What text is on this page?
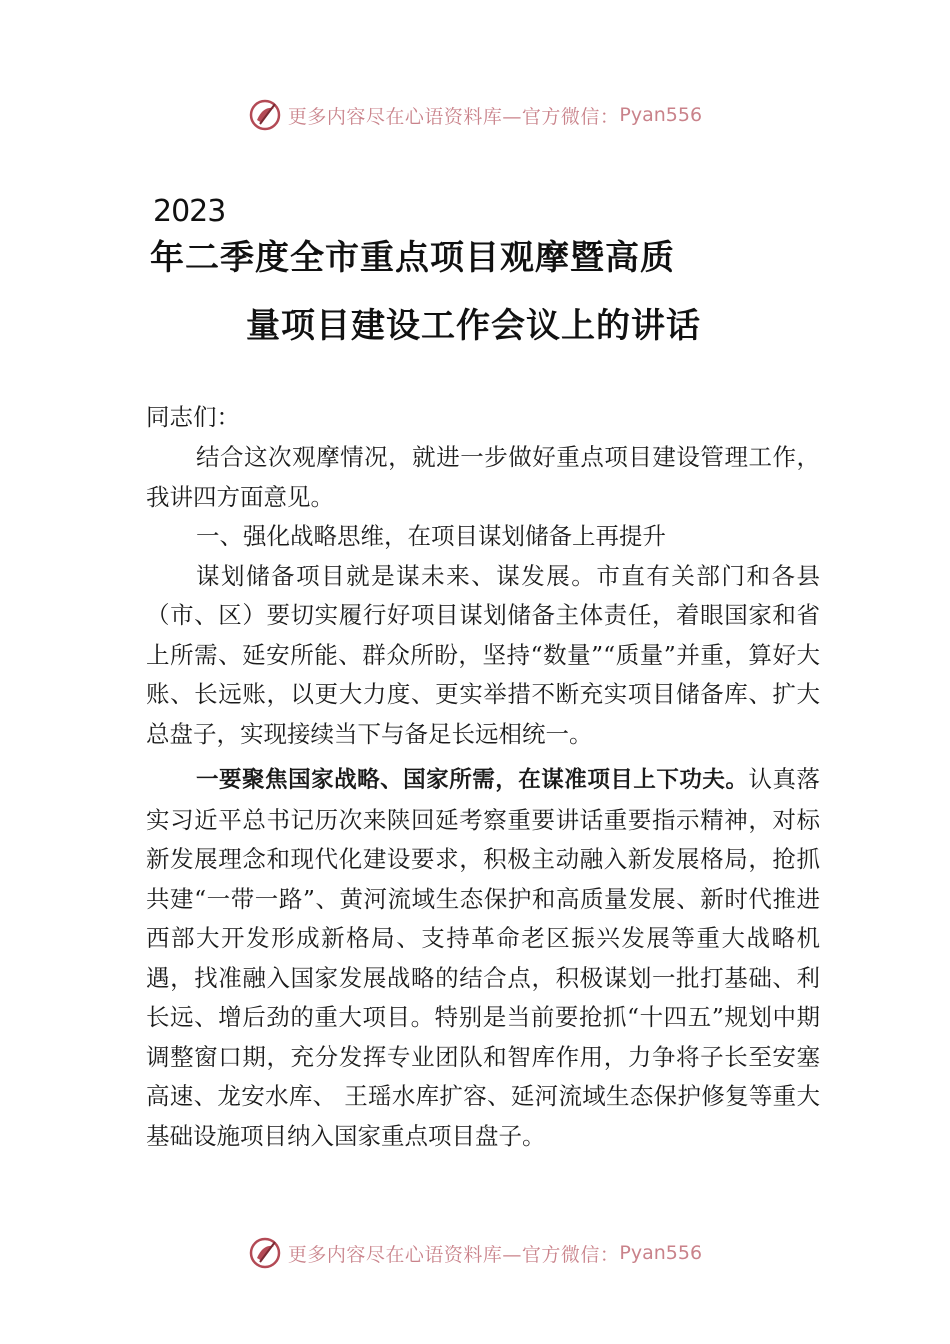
更多内容尽在心语资料库—官方微信： Pyan556
2023
年二季度全市重点项目观摩暨高质
量项目建设工作会议上的讲话
同志们：

结合这次观摩情况，就进一步做好重点项目建设管理工作，我讲四方面意见。

一、强化战略思维，在项目谋划储备上再提升

谋划储备项目就是谋未来、谋发展。市直有关部门和各县（市、区）要切实履行好项目谋划储备主体责任，着眼国家和省上所需、延安所能、群众所盼，坚持“数量”“质量”并重，算好大账、长远账，以更大力度、更实举措不断充实项目储备库、扩大总盘子，实现接续当下与备足长远相统一。

一要聚焦国家战略、国家所需，在谋准项目上下功夫。认真落实习近平总书记历次来陕回延考察重要讲话重要指示精神，对标新发展理念和现代化建设要求，积极主动融入新发展格局，抢抓共建“一带一路”、黄河流域生态保护和高质量发展、新时代推进西部大开发形成新格局、支持革命老区振兴发展等重大战略机遇，找准融入国家发展战略的结合点，积极谋划一批打基础、利长远、增后劲的重大项目。特别是当前要抢抓“十四五”规划中期调整窗口期，充分发挥专业团队和智库作用，力争将子长至安塞高速、龙安水库、 王瑶水库扩容、延河流域生态保护修复等重大基础设施项目纳入国家重点项目盘子。

更多内容尽在心语资料库—官方微信： Pyan556
